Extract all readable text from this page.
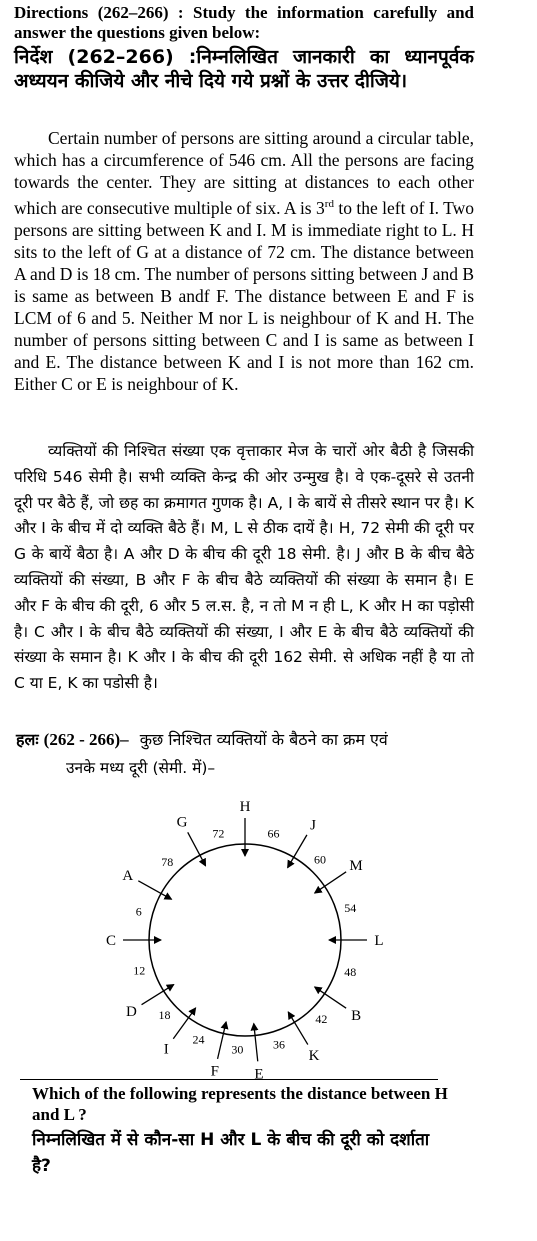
Directions (262–266) : Study the information carefully and answer the questions given below:
निर्देश (262–266) :निम्नलिखित जानकारी का ध्यानपूर्वक अध्ययन कीजिये और नीचे दिये गये प्रश्नों के उत्तर दीजिये।
Certain number of persons are sitting around a circular table, which has a circumference of 546 cm. All the persons are facing towards the center. They are sitting at distances to each other which are consecutive multiple of six. A is 3rd to the left of I. Two persons are sitting between K and I. M is immediate right to L. H sits to the left of G at a distance of 72 cm. The distance between A and D is 18 cm. The number of persons sitting between J and B is same as between B andf F. The distance between E and F is LCM of 6 and 5. Neither M nor L is neighbour of K and H. The number of persons sitting between C and I is same as between I and E. The distance between K and I is not more than 162 cm. Either C or E is neighbour of K.
व्यक्तियों की निश्चित संख्या एक वृत्ताकार मेज के चारों ओर बैठी है जिसकी परिधि 546 सेमी है। सभी व्यक्ति केन्द्र की ओर उन्मुख है। वे एक-दूसरे से उतनी दूरी पर बैठे हैं, जो छह का क्रमागत गुणक है। A, I के बायें से तीसरे स्थान पर है। K और I के बीच में दो व्यक्ति बैठे हैं। M, L से ठीक दायें है। H, 72 सेमी की दूरी पर G के बायें बैठा है। A और D के बीच की दूरी 18 सेमी. है। J और B के बीच बैठे व्यक्तियों की संख्या, B और F के बीच बैठे व्यक्तियों की संख्या के समान है। E और F के बीच की दूरी, 6 और 5 ल.स. है, न तो M न ही L, K और H का पड़ोसी है। C और I के बीच बैठे व्यक्तियों की संख्या, I और E के बीच बैठे व्यक्तियों की संख्या के समान है। K और I के बीच की दूरी 162 सेमी. से अधिक नहीं है या तो C या E, K का पडोसी है।
हलः (262 - 266)– कुछ निश्चित व्यक्तियों के बैठने का क्रम एवं
उनके मध्य दूरी (सेमी. में)–
H
J
M
L
B
K
E
F
I
D
C
A
G
66
60
54
48
42
36
30
24
18
12
6
78
72
Which of the following represents the distance between H and L ?
निम्नलिखित में से कौन-सा H और L के बीच की दूरी को दर्शाता है?
